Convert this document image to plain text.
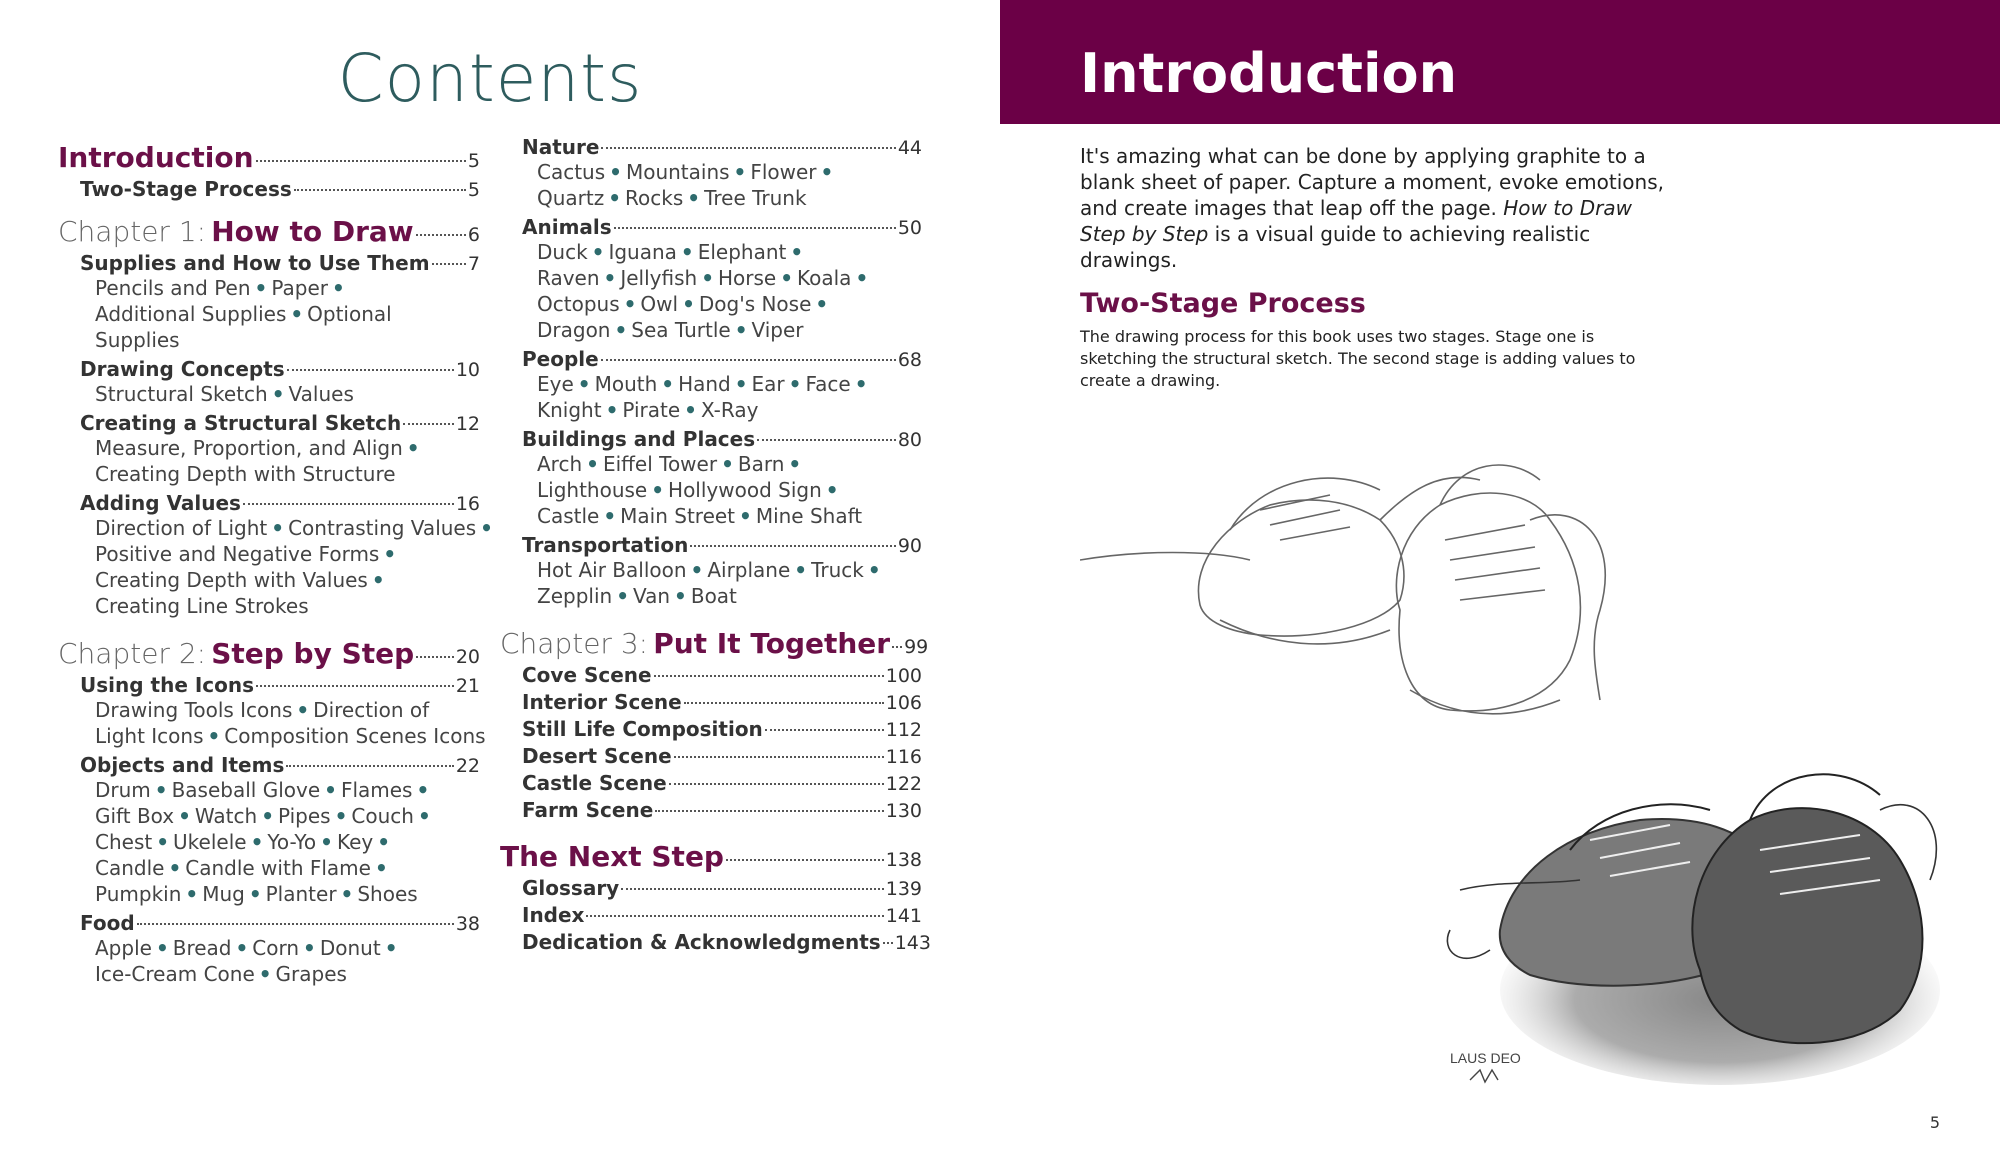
Contents
Introduction	5
Two-Stage Process	5
Chapter 1:
How to Draw	6
Supplies and How to Use Them 7
Pencils and Pen • Paper •
Additional Supplies • Optional
Supplies
Drawing Concepts	10
Structural Sketch • Values
Creating a Structural Sketch	12
Measure, Proportion, and Align •
Creating Depth with Structure
Adding Values	16
Direction of Light • Contrasting Values •
Positive and Negative Forms •
Creating Depth with Values •
Creating Line Strokes
Chapter 2:
Step by Step 20
Using the Icons	21
Drawing Tools Icons • Direction of
Light Icons • Composition Scenes Icons
Objects and Items	22
Drum • Baseball Glove • Flames •
Gift Box • Watch • Pipes • Couch •
Chest • Ukelele • Yo-Yo • Key •
Candle • Candle with Flame •
Pumpkin • Mug • Planter • Shoes
Food	38
Apple • Bread • Corn • Donut •
Ice-Cream Cone • Grapes
Nature	44
Cactus • Mountains • Flower •
Quartz • Rocks • Tree Trunk
Animals	50
Duck • Iguana • Elephant •
Raven • Jellyfish • Horse • Koala •
Octopus • Owl • Dog's Nose •
Dragon • Sea Turtle • Viper
People	68
Eye • Mouth • Hand • Ear • Face •
Knight • Pirate • X-Ray
Buildings and Places	80
Arch • Eiffel Tower • Barn •
Lighthouse • Hollywood Sign •
Castle • Main Street • Mine Shaft
Transportation	90
Hot Air Balloon • Airplane • Truck •
Zepplin • Van • Boat
Chapter 3:
Put It Together 99
Cove Scene	100
Interior Scene	106
Still Life Composition	112
Desert Scene	116
Castle Scene	122
Farm Scene	130
The Next Step	138
Glossary	139
Index	141
Dedication & Acknowledgments 143
Introduction
It's amazing what can be done by applying graphite to a blank sheet of paper. Capture a moment, evoke emotions, and create images that leap off the page. How to Draw Step by Step is a visual guide to achieving realistic drawings.
Two-Stage Process
The drawing process for this book uses two stages. Stage one is sketching the structural sketch. The second stage is adding values to create a drawing.
LAUS DEO
5
